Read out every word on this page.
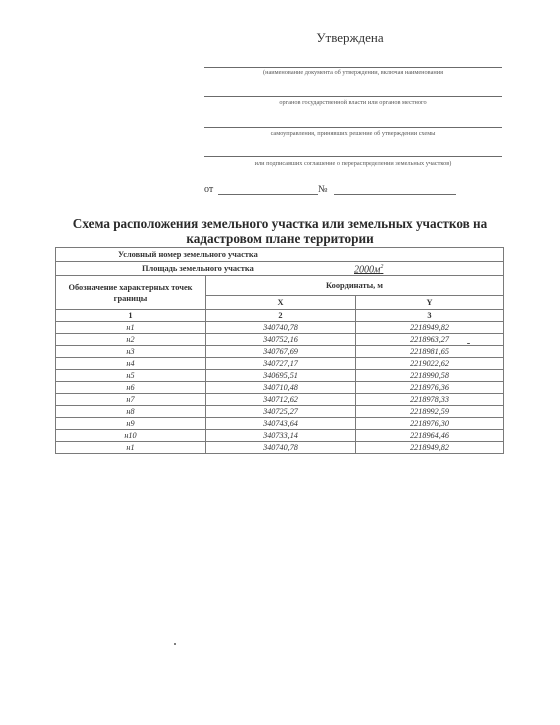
Утверждена
(наименование документа об утверждении, включая наименования
органов государственной власти или органов местного
самоуправления, принявших решение об утверждении схемы
или подписавших соглашение о перераспределении земельных участков)
от	№
Схема расположения земельного участка или земельных участков на
кадастровом плане территории
Условный номер земельного участка		

Площадь земельного участка $2000м^2$

Обозначение характерных точек границы	Координаты, м	
	X	Y
1	2	3
н1	340740,78	2218949,82
н2	340752,16	2218963,27
н3	340767,69	2218981,65
н4	340727,17	2219022,62
н5	340695,51	2218990,58
н6	340710,48	2218976,36
н7	340712,62	2218978,33
н8	340725,27	2218992,59
н9	340743,64	2218976,30
н10	340733,14	2218964,46
н1	340740,78	2218949,82
